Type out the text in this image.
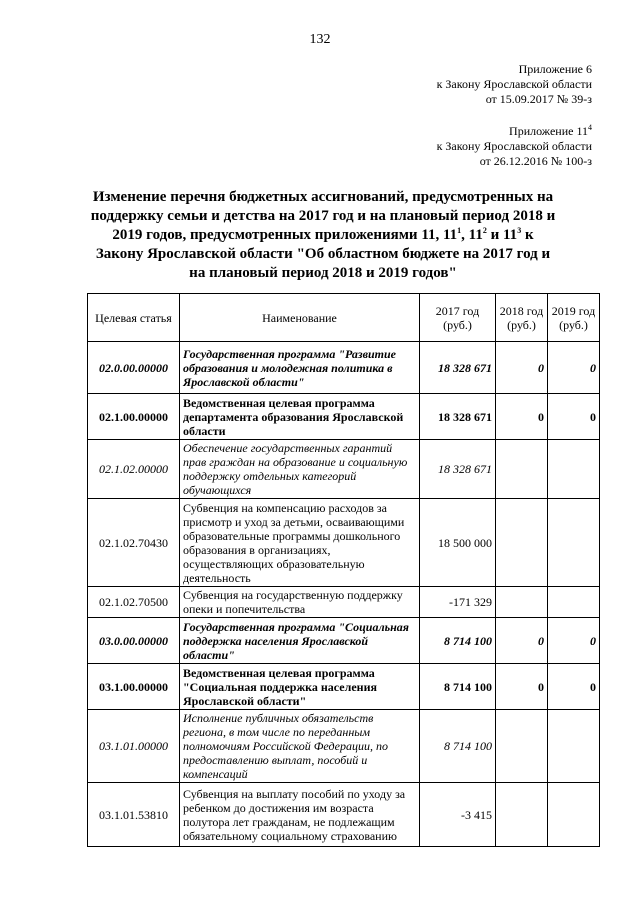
132
Приложение 6
к Закону Ярославской области
от 15.09.2017 № 39-з
Приложение $11^4$
к Закону Ярославской области
от 26.12.2016 № 100-з
Изменение перечня бюджетных ассигнований, предусмотренных на поддержку семьи и детства на 2017 год и на плановый период 2018 и 2019 годов, предусмотренных приложениями 11, $11^1$, $11^2$ и $11^3$ к Закону Ярославской области "Об областном бюджете на 2017 год и на плановый период 2018 и 2019 годов"
Целевая статья	Наименование	2017 год (руб.)	2018 год (руб.)	2019 год (руб.)
02.0.00.00000	Государственная программа "Развитие образования и молодежная политика в Ярославской области"	18 328 671	0	0
02.1.00.00000	Ведомственная целевая программа департамента образования Ярославской области	18 328 671	0	0
02.1.02.00000	Обеспечение государственных гарантий прав граждан на образование и социальную поддержку отдельных категорий обучающихся	18 328 671		
02.1.02.70430	Субвенция на компенсацию расходов за присмотр и уход за детьми, осваивающими образовательные программы дошкольного образования в организациях, осуществляющих образовательную деятельность	18 500 000		
02.1.02.70500	Субвенция на государственную поддержку опеки и попечительства	-171 329		
03.0.00.00000	Государственная программа "Социальная поддержка населения Ярославской области"	8 714 100	0	0
03.1.00.00000	Ведомственная целевая программа "Социальная поддержка населения Ярославской области"	8 714 100	0	0
03.1.01.00000	Исполнение публичных обязательств региона, в том числе по переданным полномочиям Российской Федерации, по предоставлению выплат, пособий и компенсаций	8 714 100		
03.1.01.53810	Субвенция на выплату пособий по уходу за ребенком до достижения им возраста полутора лет гражданам, не подлежащим обязательному социальному страхованию	-3 415		
